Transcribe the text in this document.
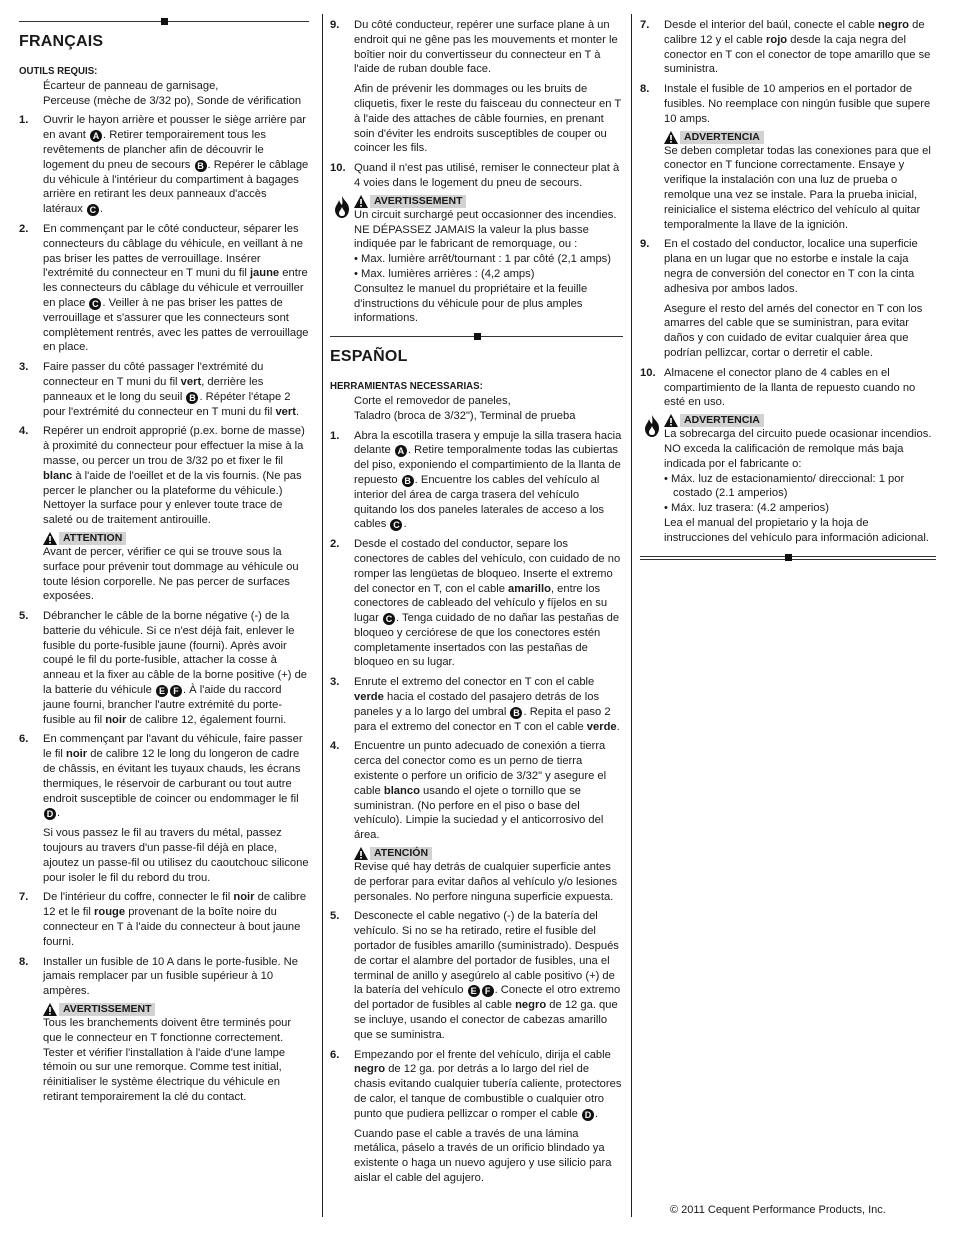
FRANÇAIS
OUTILS REQUIS:
Écarteur de panneau de garnisage,
Perceuse (mèche de 3/32 po), Sonde de vérification
1.	Ouvrir le hayon arrière et pousser le siège arrière par en avant A . Retirer temporairement tous les revêtements de plancher afin de découvrir le logement du pneu de secours B . Repérer le câblage du véhicule à l'intérieur du compartiment à bagages arrière en retirant les deux panneaux d'accès latéraux C .

2.	En commençant par le côté conducteur, séparer les connecteurs du câblage du véhicule, en veillant à ne pas briser les pattes de verrouillage. Insérer l'extrémité du connecteur en T muni du fil jaune entre les connecteurs du câblage du véhicule et verrouiller en place C . Veiller à ne pas briser les pattes de verrouillage et s'assurer que les connecteurs sont complètement rentrés, avec les pattes de verrouillage en place.

3.	Faire passer du côté passager l'extrémité du connecteur en T muni du fil vert, derrière les panneaux et le long du seuil B . Répéter l'étape 2 pour l'extrémité du connecteur en T muni du fil vert.

4.	Repérer un endroit approprié (p.ex. borne de masse) à proximité du connecteur pour effectuer la mise à la masse, ou percer un trou de 3/32 po et fixer le fil blanc à l'aide de l'oeillet et de la vis fournis. (Ne pas percer le plancher ou la plateforme du véhicule.) Nettoyer la surface pour y enlever toute trace de saleté ou de traitement antirouille.

ATTENTION
Avant de percer, vérifier ce qui se trouve sous la surface pour prévenir tout dommage au véhicule ou toute lésion corporelle. Ne pas percer de surfaces exposées.
5.	Débrancher le câble de la borne négative (-) de la batterie du véhicule. Si ce n'est déjà fait, enlever le fusible du porte-fusible jaune (fourni). Après avoir coupé le fil du porte-fusible, attacher la cosse à anneau et la fixer au câble de la borne positive (+) de la batterie du véhicule E F . À l'aide du raccord jaune fourni, brancher l'autre extrémité du porte-fusible au fil noir de calibre 12, également fourni.

6.	En commençant par l'avant du véhicule, faire passer le fil noir de calibre 12 le long du longeron de cadre de châssis, en évitant les tuyaux chauds, les écrans thermiques, le réservoir de carburant ou tout autre endroit susceptible de coincer ou endommager le fil D .

Si vous passez le fil au travers du métal, passez toujours au travers d'un passe-fil déjà en place, ajoutez un passe-fil ou utilisez du caoutchouc silicone pour isoler le fil du rebord du trou.

7.	De l'intérieur du coffre, connecter le fil noir de calibre 12 et le fil rouge provenant de la boîte noire du connecteur en T à l'aide du connecteur à bout jaune fourni.

8.	Installer un fusible de 10 A dans le porte-fusible. Ne jamais remplacer par un fusible supérieur à 10 ampères.

AVERTISSEMENT
Tous les branchements doivent être terminés pour que le connecteur en T fonctionne correctement. Tester et vérifier l'installation à l'aide d'une lampe témoin ou sur une remorque. Comme test initial, réinitialiser le système électrique du véhicule en retirant temporairement la clé du contact.
9.	Du côté conducteur, repérer une surface plane à un endroit qui ne gêne pas les mouvements et monter le boîtier noir du convertisseur du connecteur en T à l'aide de ruban double face.

Afin de prévenir les dommages ou les bruits de cliquetis, fixer le reste du faisceau du connecteur en T à l'aide des attaches de câble fournies, en prenant soin d'éviter les endroits susceptibles de couper ou coincer les fils.

10. Quand il n'est pas utilisé, remiser le connecteur plat à 4 voies dans le logement du pneu de secours.

AVERTISSEMENT
Un circuit surchargé peut occasionner des incendies. NE DÉPASSEZ JAMAIS la valeur la plus basse indiquée par le fabricant de remorquage, ou :
• Max. lumière arrêt/tournant : 1 par côté (2,1 amps)
• Max. lumières arrières : (4,2 amps)
Consultez le manuel du propriétaire et la feuille d'instructions du véhicule pour de plus amples informations.
ESPAÑOL
HERRAMIENTAS NECESSARIAS:
Corte el removedor de paneles,
Taladro (broca de 3/32"), Terminal de prueba
1.	Abra la escotilla trasera y empuje la silla trasera hacia delante A . Retire temporalmente todas las cubiertas del piso, exponiendo el compartimiento de la llanta de repuesto B . Encuentre los cables del vehículo al interior del área de carga trasera del vehículo quitando los dos paneles laterales de acceso a los cables C .

2.	Desde el costado del conductor, separe los conectores de cables del vehículo, con cuidado de no romper las lengüetas de bloqueo. Inserte el extremo del conector en T, con el cable amarillo, entre los conectores de cableado del vehículo y fíjelos en su lugar C . Tenga cuidado de no dañar las pestañas de bloqueo y cerciórese de que los conectores estén completamente insertados con las pestañas de bloqueo en su lugar.

3.	Enrute el extremo del conector en T con el cable verde hacia el costado del pasajero detrás de los paneles y a lo largo del umbral B . Repita el paso 2 para el extremo del conector en T con el cable verde.

4.	Encuentre un punto adecuado de conexión a tierra cerca del conector como es un perno de tierra existente o perfore un orificio de 3/32" y asegure el cable blanco usando el ojete o tornillo que se suministran. (No perfore en el piso o base del vehículo). Limpie la suciedad y el anticorrosivo del área.

ATENCIÓN
Revise qué hay detrás de cualquier superficie antes de perforar para evitar daños al vehículo y/o lesiones personales. No perfore ninguna superficie expuesta.
5.	Desconecte el cable negativo (-) de la batería del vehículo. Si no se ha retirado, retire el fusible del portador de fusibles amarillo (suministrado). Después de cortar el alambre del portador de fusibles, una el terminal de anillo y asegúrelo al cable positivo (+) de la batería del vehículo E F . Conecte el otro extremo del portador de fusibles al cable negro de 12 ga. que se incluye, usando el conector de cabezas amarillo que se suministra.

6.	Empezando por el frente del vehículo, dirija el cable negro de 12 ga. por detrás a lo largo del riel de chasis evitando cualquier tubería caliente, protectores de calor, el tanque de combustible o cualquier otro punto que pudiera pellizcar o romper el cable D .

Cuando pase el cable a través de una lámina metálica, páselo a través de un orificio blindado ya existente o haga un nuevo agujero y use silicio para aislar el cable del agujero.

7.	Desde el interior del baúl, conecte el cable negro de calibre 12 y el cable rojo desde la caja negra del conector en T con el conector de tope amarillo que se suministra.

8.	Instale el fusible de 10 amperios en el portador de fusibles. No reemplace con ningún fusible que supere 10 amps.

ADVERTENCIA
Se deben completar todas las conexiones para que el conector en T funcione correctamente. Ensaye y verifique la instalación con una luz de prueba o remolque una vez se instale. Para la prueba inicial, reinicialice el sistema eléctrico del vehículo al quitar temporalmente la llave de la ignición.
9.	En el costado del conductor, localice una superficie plana en un lugar que no estorbe e instale la caja negra de conversión del conector en T con la cinta adhesiva por ambos lados.

Asegure el resto del arnés del conector en T con los amarres del cable que se suministran, para evitar daños y con cuidado de evitar cualquier área que podrían pellizcar, cortar o derretir el cable.

10. Almacene el conector plano de 4 cables en el compartimiento de la llanta de repuesto cuando no esté en uso.

ADVERTENCIA
La sobrecarga del circuito puede ocasionar incendios. NO exceda la calificación de remolque más baja indicada por el fabricante o:
• Máx. luz de estacionamiento/ direccional: 1 por costado (2.1 amperios)
• Máx. luz trasera: (4.2 amperios)
Lea el manual del propietario y la hoja de instrucciones del vehículo para información adicional.
© 2011 Cequent Performance Products, Inc.
